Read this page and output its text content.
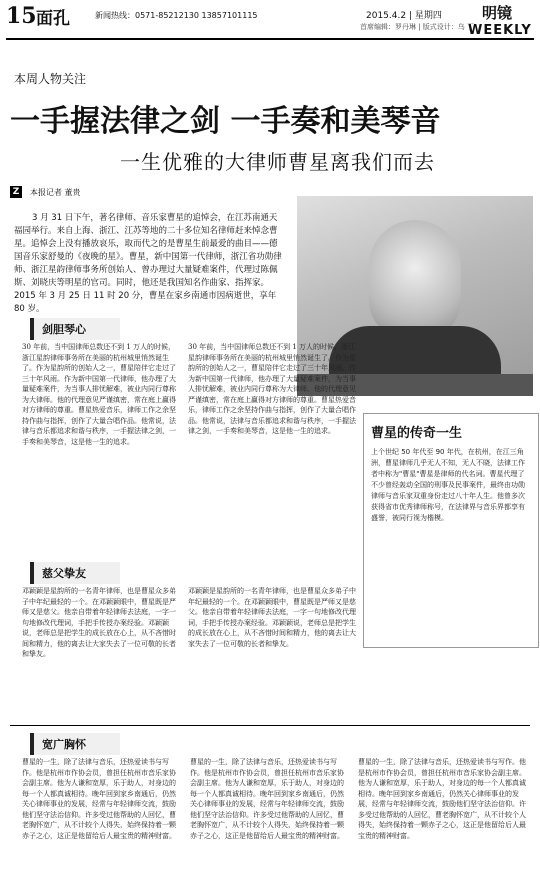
15 面孔	新闻热线：0571-85212130 13857101115	2015.4.2 | 星期四
首席编辑：罗丹琳 | 版式设计：乌 丁
明镜
WEEKLY
本周人物关注
一手握法律之剑 一手奏和美琴音
一生优雅的大律师曹星离我们而去
Z	本报记者 董贵
3 月 31 日下午，著名律师、音乐家曹星的追悼会，在江苏南通天福园举行。来自上海、浙江、江苏等地的二十多位知名律师赶来悼念曹星。追悼会上没有播放哀乐，取而代之的是曹星生前最爱的曲目——德国音乐家舒曼的《夜晚的星》。曹星，新中国第一代律师，浙江省功勋律师、浙江星韵律师事务所创始人、曾办理过大量疑难案件，代理过陈佩斯、刘晓庆等明星的官司。同时，他还是我国知名作曲家、指挥家。2015 年 3 月 25 日 11 时 20 分，曹星在家乡南通市因病逝世，享年 80 岁。
剑胆琴心
30 年前，当中国律师总数还不到 1 万人的时候，浙江星韵律师事务所在美丽的杭州城里悄然诞生了。作为星韵所的创始人之一，曹星陪伴它走过了三十年风雨。作为新中国第一代律师，他办理了大量疑难案件，为当事人排忧解难，被业内同行尊称为大律师。他的代理意见严谨缜密，常在庭上赢得对方律师的尊重。曹星热爱音乐，律师工作之余坚持作曲与指挥，创作了大量合唱作品。他常说，法律与音乐都追求和谐与秩序，一手握法律之剑，一手奏和美琴音，这是他一生的追求。
30 年前，当中国律师总数还不到 1 万人的时候，浙江星韵律师事务所在美丽的杭州城里悄然诞生了。作为星韵所的创始人之一，曹星陪伴它走过了三十年风雨。作为新中国第一代律师，他办理了大量疑难案件，为当事人排忧解难，被业内同行尊称为大律师。他的代理意见严谨缜密，常在庭上赢得对方律师的尊重。曹星热爱音乐，律师工作之余坚持作曲与指挥，创作了大量合唱作品。他常说，法律与音乐都追求和谐与秩序，一手握法律之剑，一手奏和美琴音，这是他一生的追求。	曹星的传奇一生
上个世纪 50 年代至 90 年代，在杭州，在江三角洲，曹星律师几乎无人不知，无人不晓，法律工作者中称为"曹星"曹星是律师的代名词。曹星代理了不少曾经轰动全国的刑事及民事案件，最终由功勋律师与音乐家双重身份走过八十年人生。他曾多次获得省市优秀律师称号，在法律界与音乐界都享有盛誉，被同行视为楷模。
慈父挚友
邓颖颖是星韵所的一名青年律师，也是曹星众多弟子中年纪最轻的一个。在邓颖颖眼中，曹星既是严师又是慈父。他亲自带着年轻律师去法庭，一字一句地修改代理词，手把手传授办案经验。邓颖颖说，老师总是把学生的成长放在心上，从不吝惜时间和精力，他的离去让大家失去了一位可敬的长者和挚友。
邓颖颖是星韵所的一名青年律师，也是曹星众多弟子中年纪最轻的一个。在邓颖颖眼中，曹星既是严师又是慈父。他亲自带着年轻律师去法庭，一字一句地修改代理词，手把手传授办案经验。邓颖颖说，老师总是把学生的成长放在心上，从不吝惜时间和精力，他的离去让大家失去了一位可敬的长者和挚友。
宽广胸怀
曹星的一生，除了法律与音乐，还热爱读书与写作。他是杭州市作协会员，曾担任杭州市音乐家协会副主席。他为人谦和宽厚，乐于助人，对身边的每一个人都真诚相待。晚年回到家乡南通后，仍然关心律师事业的发展，经常与年轻律师交流，鼓励他们坚守法治信仰。许多受过他帮助的人回忆，曹老胸怀宽广，从不计较个人得失，始终保持着一颗赤子之心，这正是他留给后人最宝贵的精神财富。
曹星的一生，除了法律与音乐，还热爱读书与写作。他是杭州市作协会员，曾担任杭州市音乐家协会副主席。他为人谦和宽厚，乐于助人，对身边的每一个人都真诚相待。晚年回到家乡南通后，仍然关心律师事业的发展，经常与年轻律师交流，鼓励他们坚守法治信仰。许多受过他帮助的人回忆，曹老胸怀宽广，从不计较个人得失，始终保持着一颗赤子之心，这正是他留给后人最宝贵的精神财富。
曹星的一生，除了法律与音乐，还热爱读书与写作。他是杭州市作协会员，曾担任杭州市音乐家协会副主席。他为人谦和宽厚，乐于助人，对身边的每一个人都真诚相待。晚年回到家乡南通后，仍然关心律师事业的发展，经常与年轻律师交流，鼓励他们坚守法治信仰。许多受过他帮助的人回忆，曹老胸怀宽广，从不计较个人得失，始终保持着一颗赤子之心，这正是他留给后人最宝贵的精神财富。
